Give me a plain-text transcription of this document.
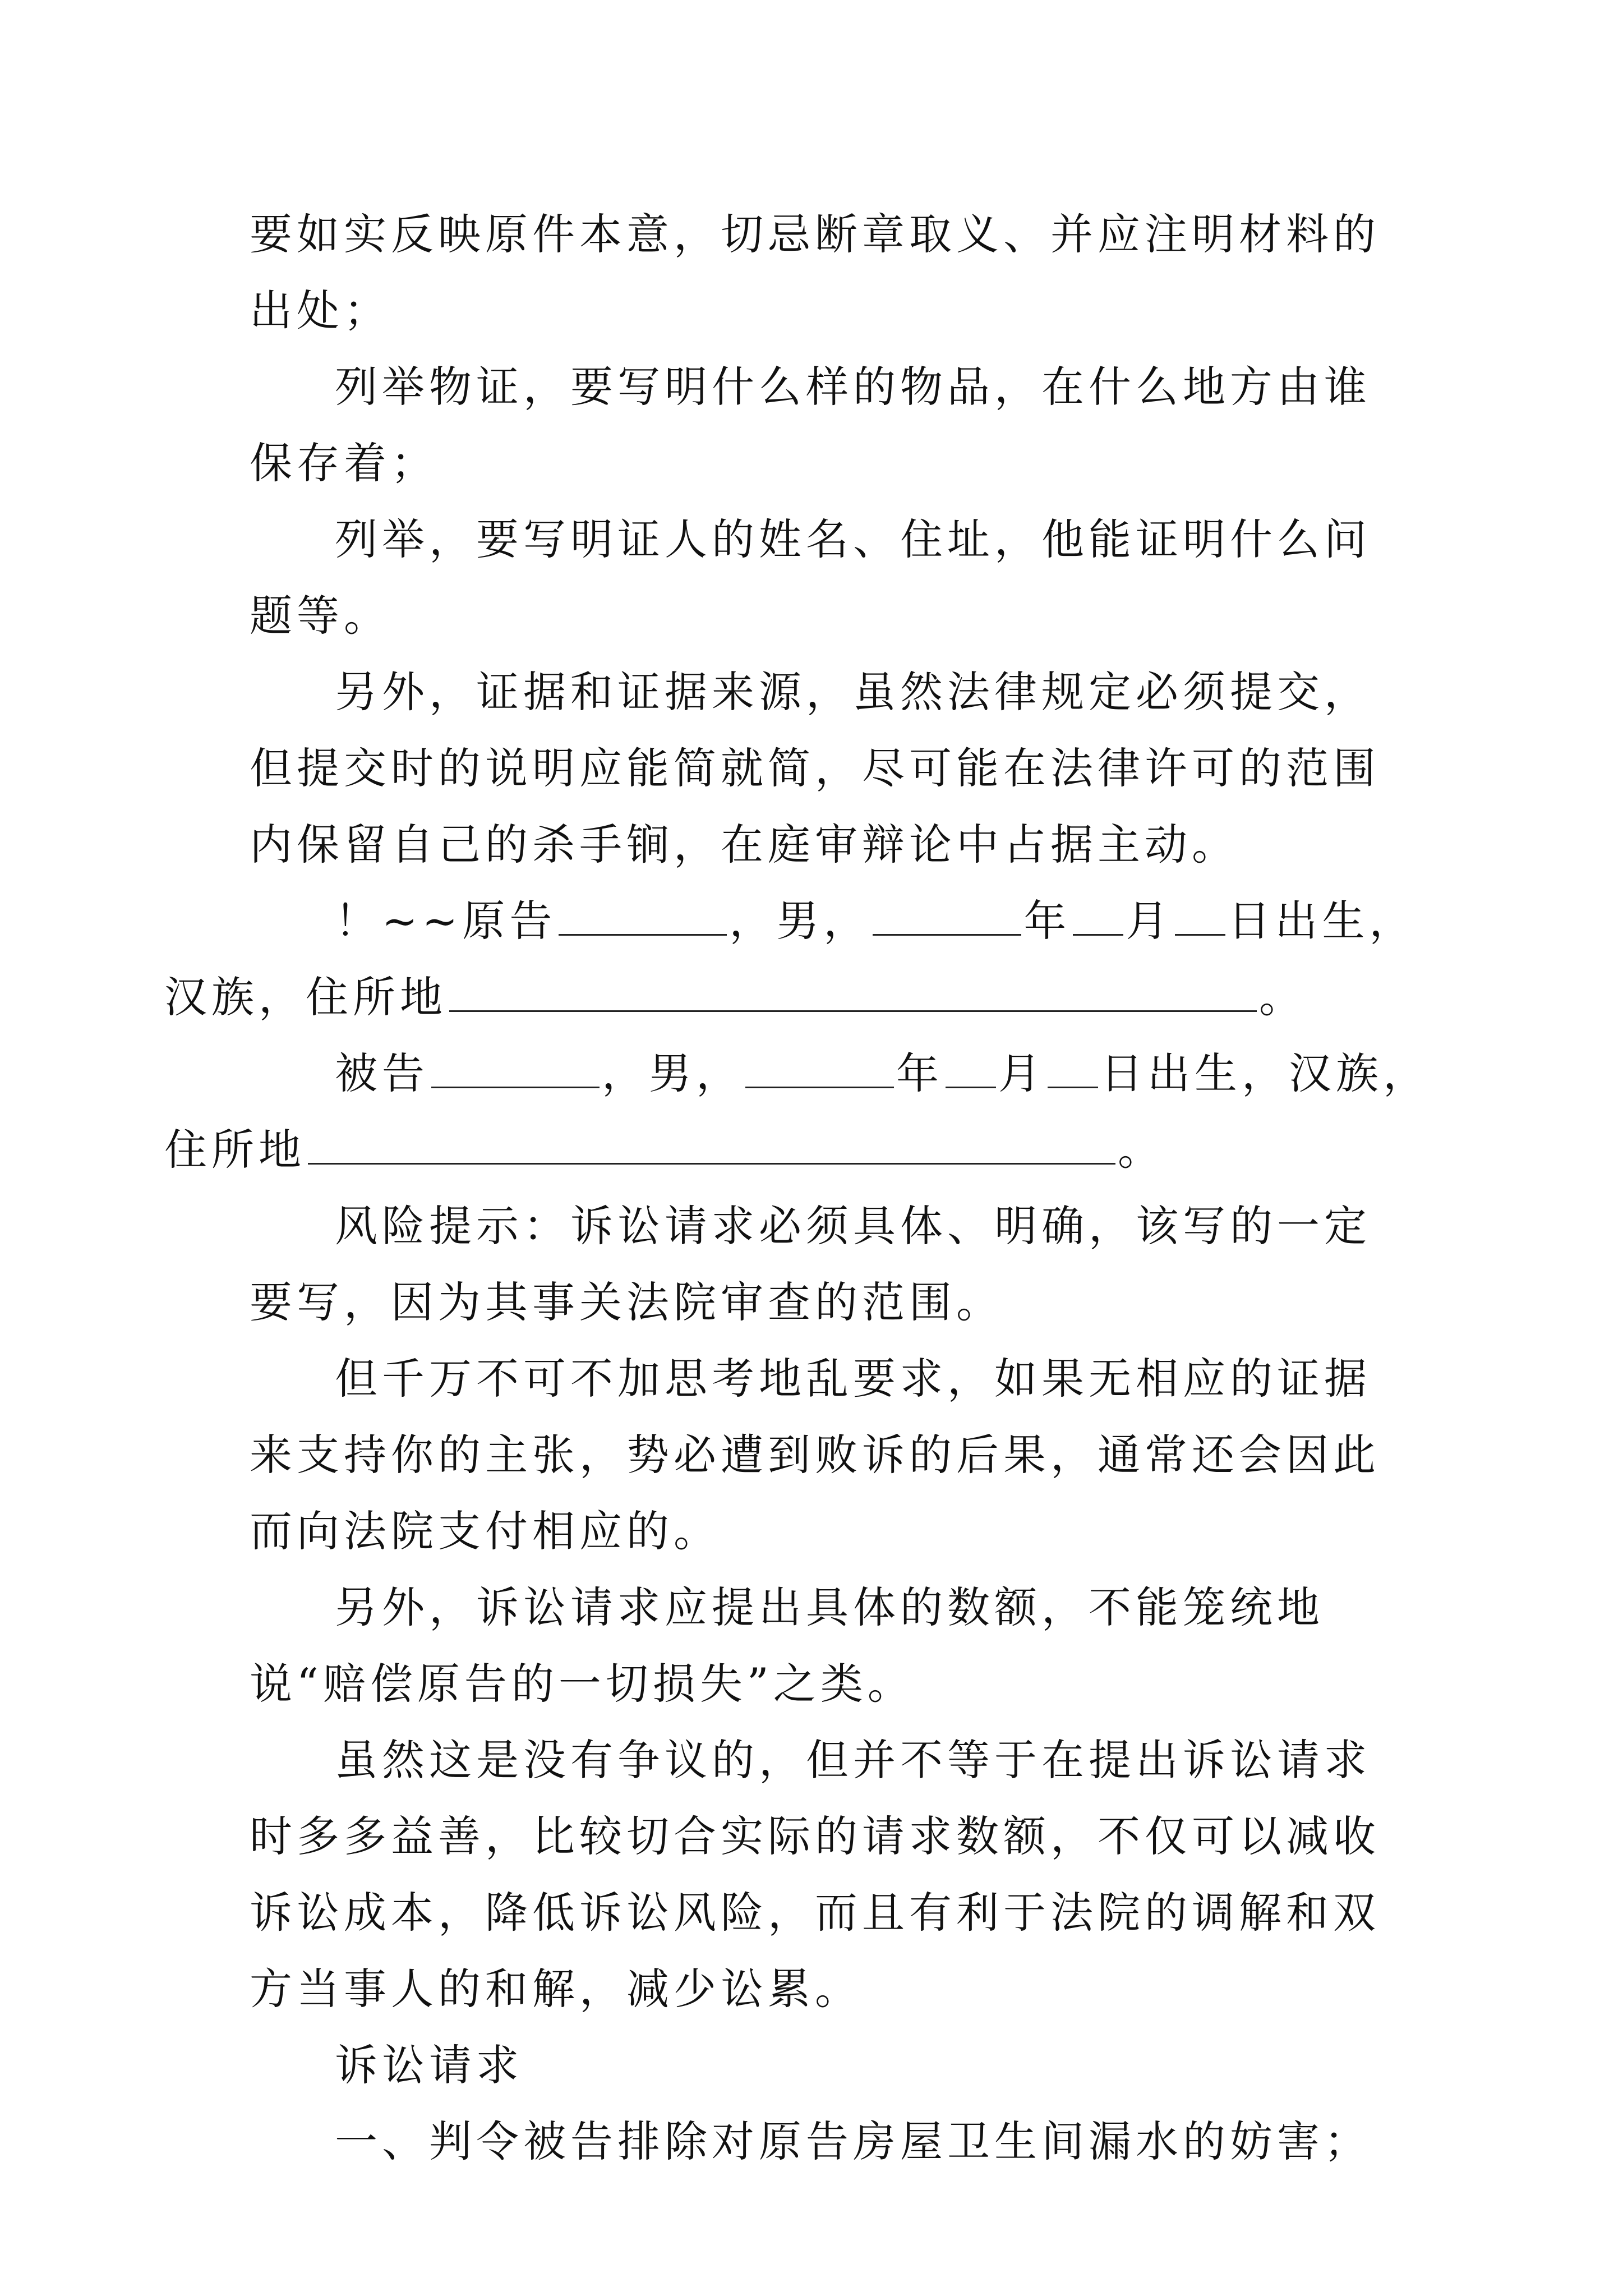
要如实反映原件本意，切忌断章取义、并应注明材料的出处；

列举物证，要写明什么样的物品，在什么地方由谁保存着；

列举，要写明证人的姓名、住址，他能证明什么问题等。

另外，证据和证据来源，虽然法律规定必须提交，但提交时的说明应能简就简，尽可能在法律许可的范围内保留自己的杀手锏，在庭审辩论中占据主动。

！~~原告	，男，	年 月 日出生，
汉族，住所地	。
被告	，男，	年 月 日出生，汉族，
住所地	。

风险提示：诉讼请求必须具体、明确，该写的一定要写，因为其事关法院审查的范围。

但千万不可不加思考地乱要求，如果无相应的证据来支持你的主张，势必遭到败诉的后果，通常还会因此而向法院支付相应的。

另外，诉讼请求应提出具体的数额，不能笼统地说“赔偿原告的一切损失”之类。

虽然这是没有争议的，但并不等于在提出诉讼请求时多多益善，比较切合实际的请求数额，不仅可以减收诉讼成本，降低诉讼风险，而且有利于法院的调解和双方当事人的和解，减少讼累。

诉讼请求

一、判令被告排除对原告房屋卫生间漏水的妨害；
